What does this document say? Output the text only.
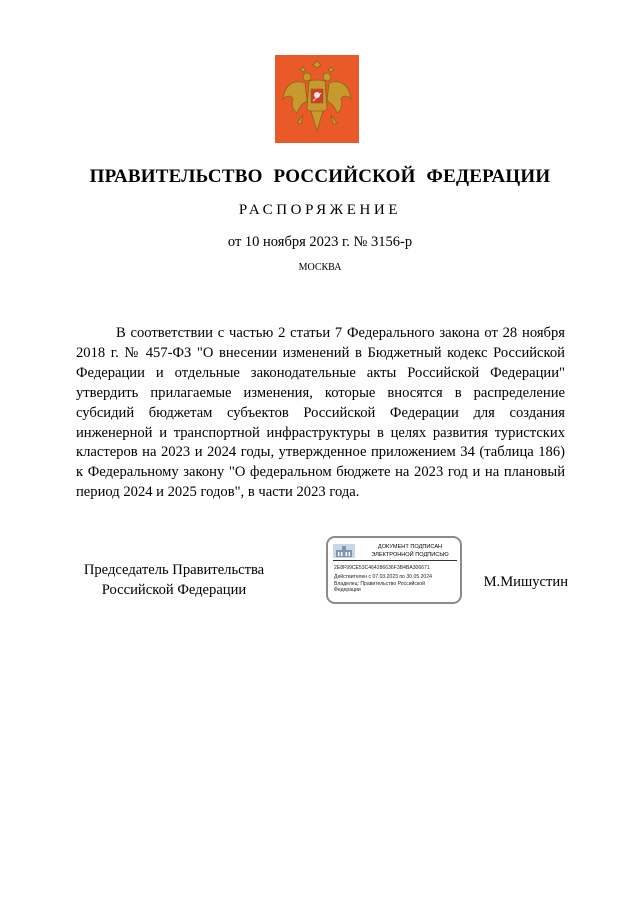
ПРАВИТЕЛЬСТВО РОССИЙСКОЙ ФЕДЕРАЦИИ
РАСПОРЯЖЕНИЕ
от 10 ноября 2023 г. № 3156-р
МОСКВА

В соответствии с частью 2 статьи 7 Федерального закона от 28 ноября 2018 г. № 457-ФЗ "О внесении изменений в Бюджетный кодекс Российской Федерации и отдельные законодательные акты Российской Федерации" утвердить прилагаемые изменения, которые вносятся в распределение субсидий бюджетам субъектов Российской Федерации для создания инженерной и транспортной инфраструктуры в целях развития туристских кластеров на 2023 и 2024 годы, утвержденное приложением 34 (таблица 186) к Федеральному закону "О федеральном бюджете на 2023 год и на плановый период 2024 и 2025 годов", в части 2023 года.

Председатель Правительства
Российской Федерации
ДОКУМЕНТ ПОДПИСАН
ЭЛЕКТРОННОЙ ПОДПИСЬЮ
2E8F99CE53C464286636F3B4BA306671
Действителен с 07.03.2023 по 30.05.2024
Владелец: Правительство Российской
Федерации	М.Мишустин
